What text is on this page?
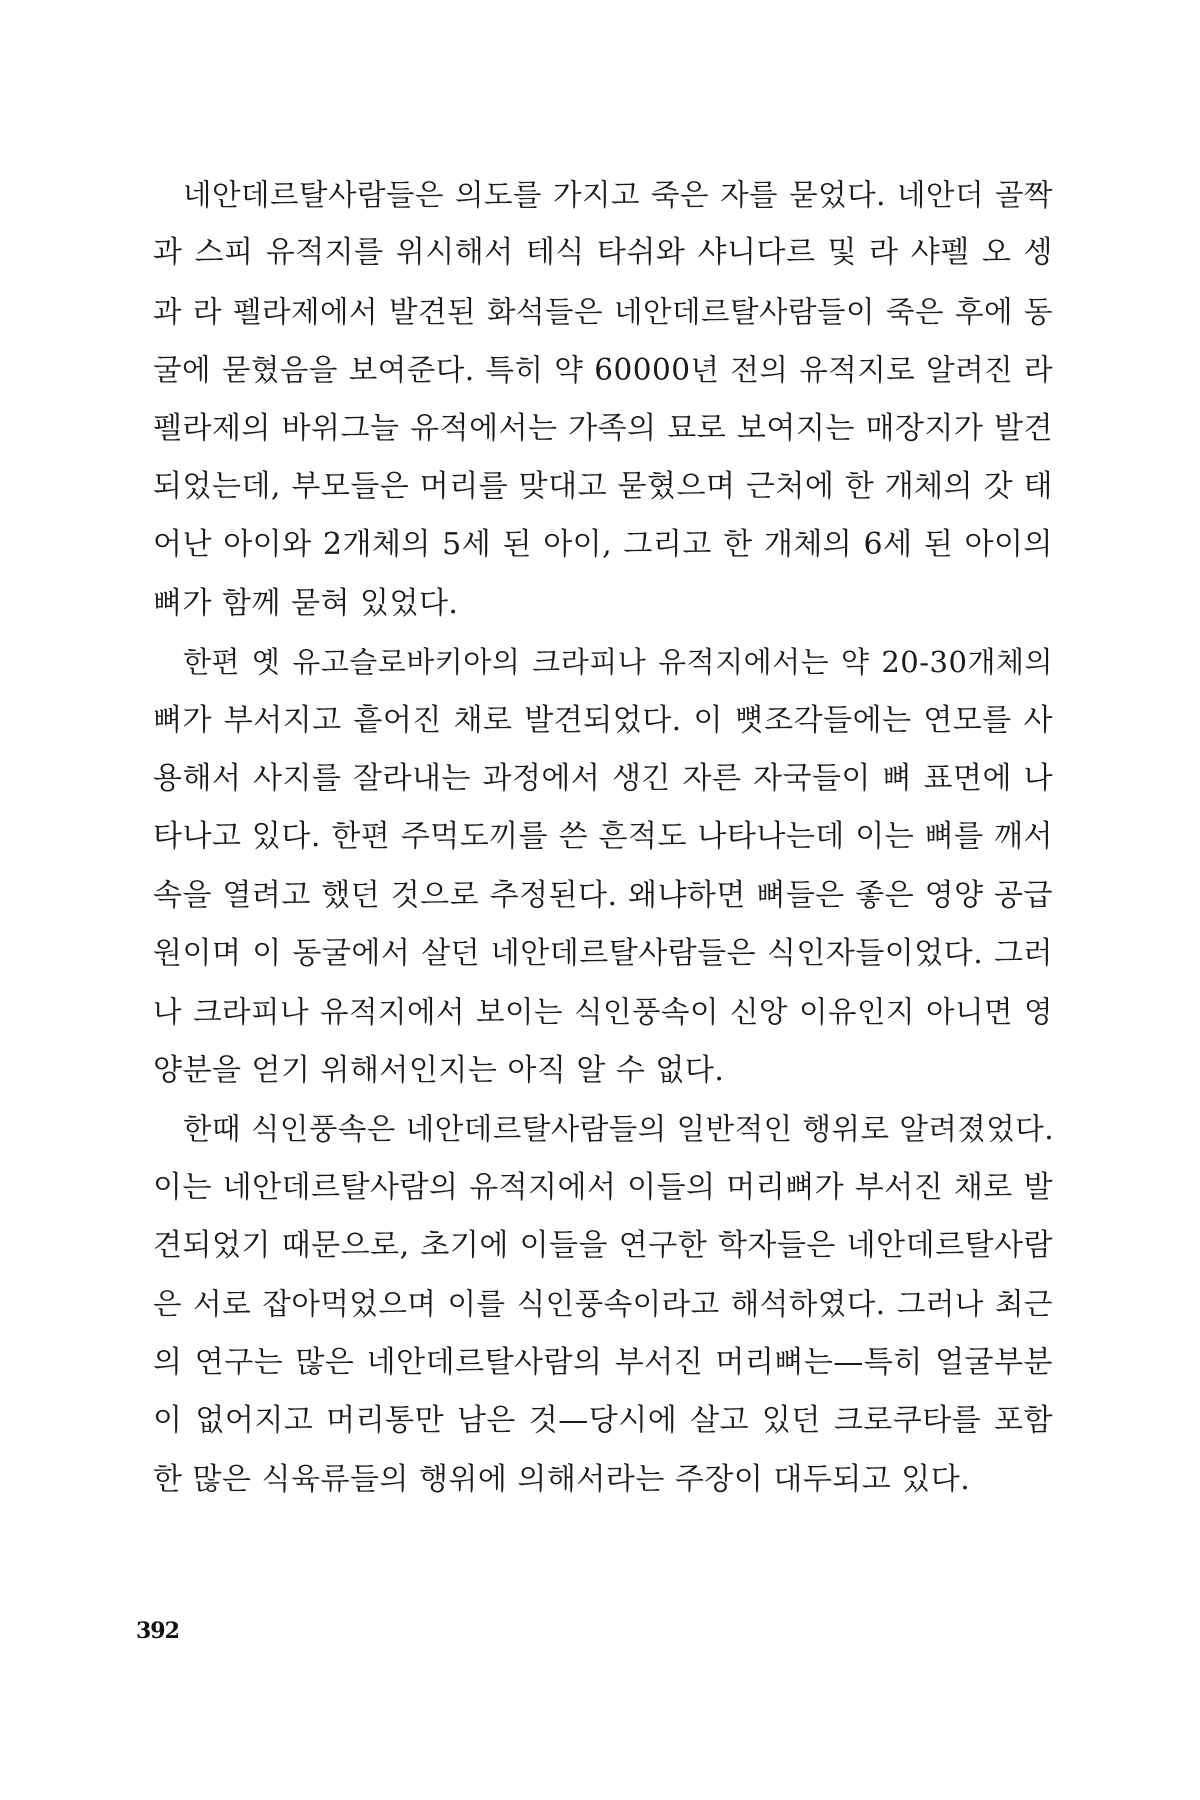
네안데르탈사람들은 의도를 가지고 죽은 자를 묻었다. 네안더 골짝
과 스피 유적지를 위시해서 테식 타쉬와 샤니다르 및 라 샤펠 오 셍
과 라 펠라제에서 발견된 화석들은 네안데르탈사람들이 죽은 후에 동
굴에 묻혔음을 보여준다. 특히 약 60000년 전의 유적지로 알려진 라
펠라제의 바위그늘 유적에서는 가족의 묘로 보여지는 매장지가 발견
되었는데, 부모들은 머리를 맞대고 묻혔으며 근처에 한 개체의 갓 태
어난 아이와 2개체의 5세 된 아이, 그리고 한 개체의 6세 된 아이의
뼈가 함께 묻혀 있었다.
한편 옛 유고슬로바키아의 크라피나 유적지에서는 약 20-30개체의
뼈가 부서지고 흩어진 채로 발견되었다. 이 뼛조각들에는 연모를 사
용해서 사지를 잘라내는 과정에서 생긴 자른 자국들이 뼈 표면에 나
타나고 있다. 한편 주먹도끼를 쓴 흔적도 나타나는데 이는 뼈를 깨서
속을 열려고 했던 것으로 추정된다. 왜냐하면 뼈들은 좋은 영양 공급
원이며 이 동굴에서 살던 네안데르탈사람들은 식인자들이었다. 그러
나 크라피나 유적지에서 보이는 식인풍속이 신앙 이유인지 아니면 영
양분을 얻기 위해서인지는 아직 알 수 없다.
한때 식인풍속은 네안데르탈사람들의 일반적인 행위로 알려졌었다.
이는 네안데르탈사람의 유적지에서 이들의 머리뼈가 부서진 채로 발
견되었기 때문으로, 초기에 이들을 연구한 학자들은 네안데르탈사람
은 서로 잡아먹었으며 이를 식인풍속이라고 해석하였다. 그러나 최근
의 연구는 많은 네안데르탈사람의 부서진 머리뼈는—특히 얼굴부분
이 없어지고 머리통만 남은 것—당시에 살고 있던 크로쿠타를 포함
한 많은 식육류들의 행위에 의해서라는 주장이 대두되고 있다.
392
